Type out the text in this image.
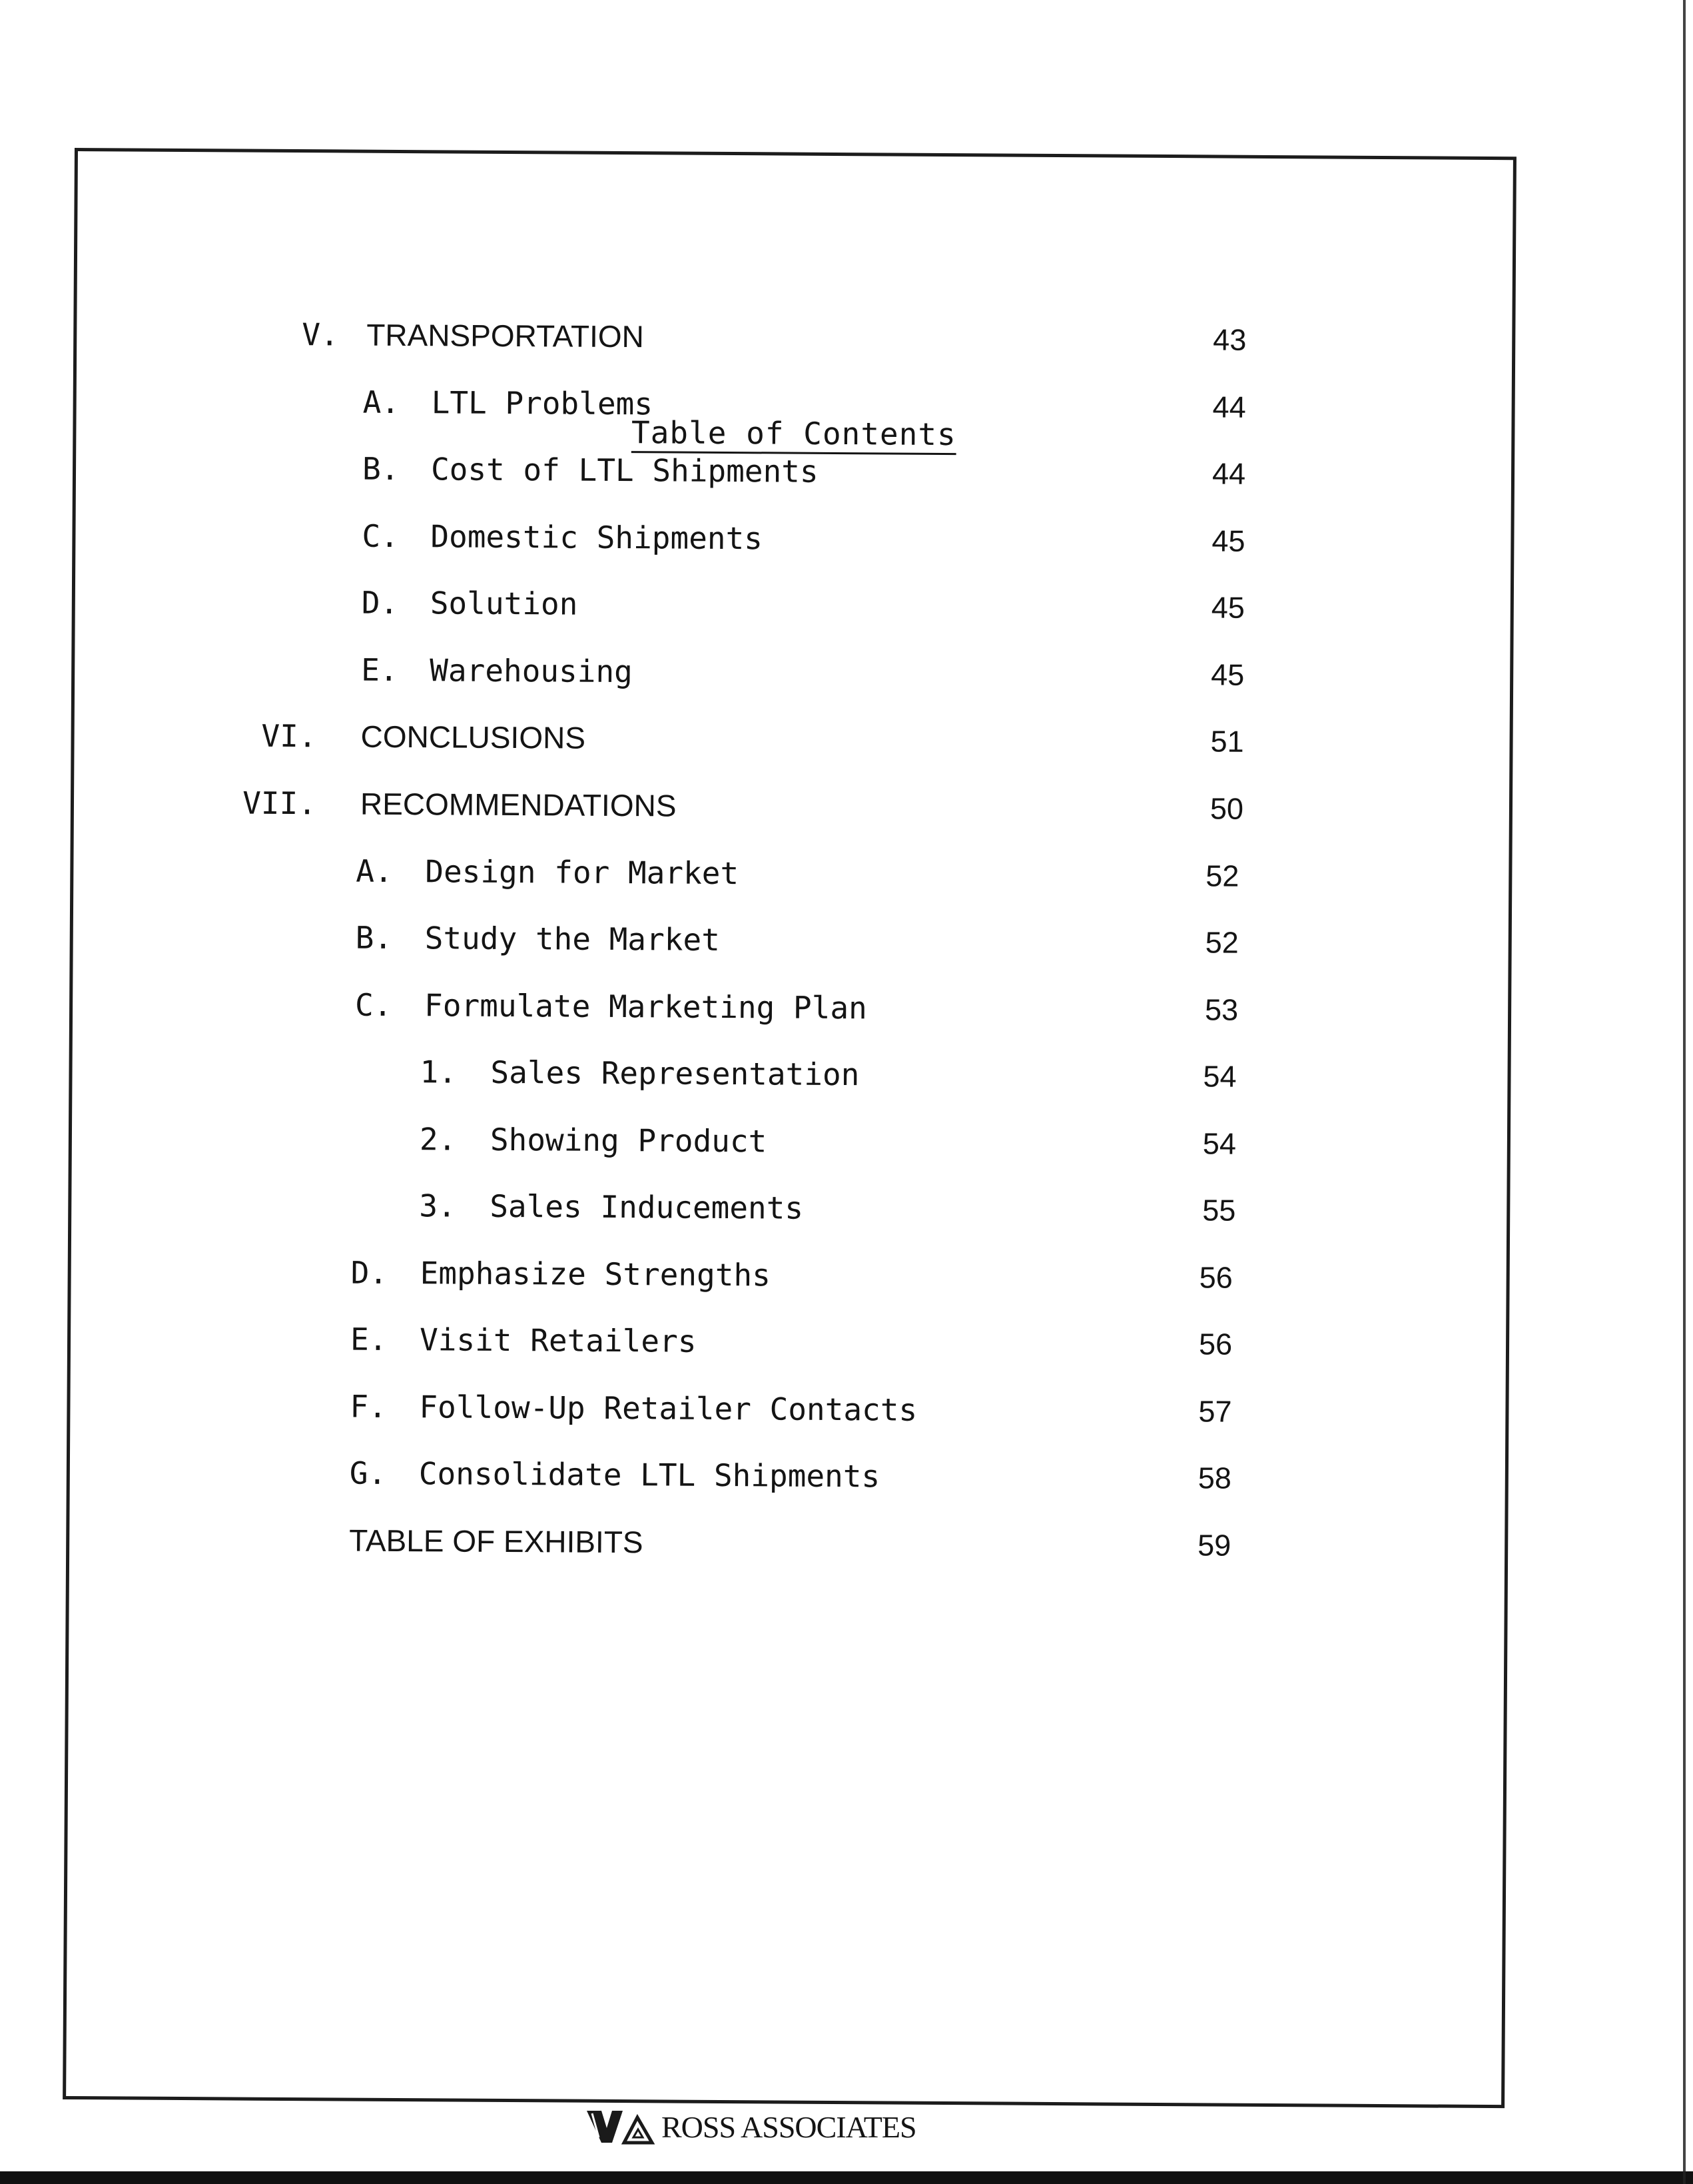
Table of Contents
V. TRANSPORTATION	43
A. LTL Problems	44
B. Cost of LTL Shipments	44
C. Domestic Shipments	45
D. Solution	45
E. Warehousing	45
VI. CONCLUSIONS	51
VII. RECOMMENDATIONS	50
A. Design for Market	52
B. Study the Market	52
C. Formulate Marketing Plan	53
1. Sales Representation	54
2. Showing Product	54
3. Sales Inducements	55
D. Emphasize Strengths	56
E. Visit Retailers	56
F. Follow-Up Retailer Contacts	57
G. Consolidate LTL Shipments	58
TABLE OF EXHIBITS	59
ROSS ASSOCIATES
